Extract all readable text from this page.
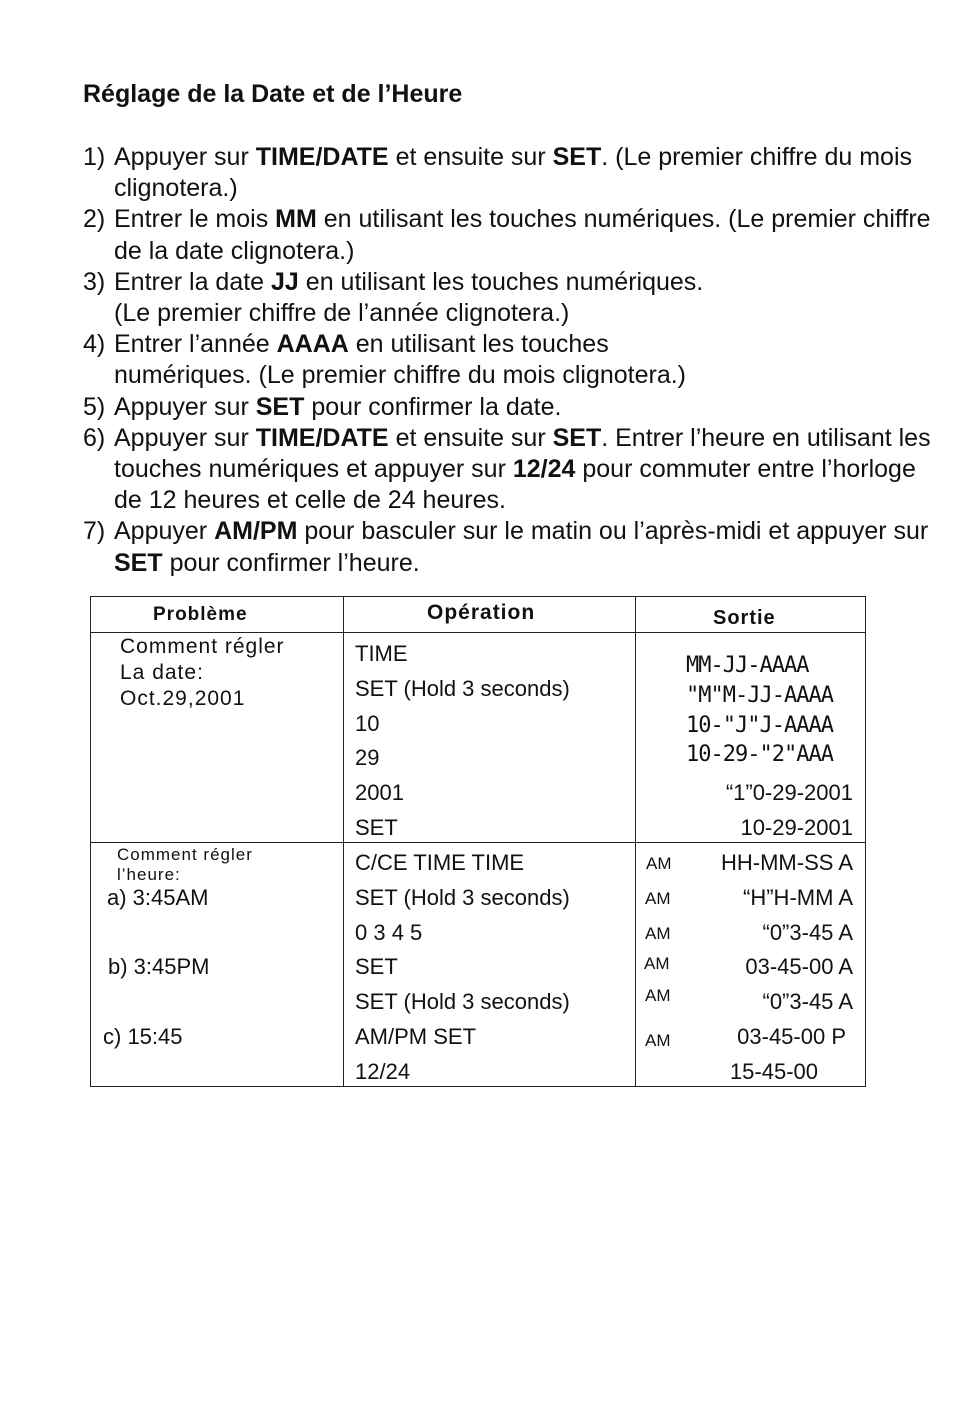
Réglage de la Date et de l’Heure
1) Appuyer sur TIME/DATE et ensuite sur SET. (Le premier chiffre du mois clignotera.)
2) Entrer le mois MM en utilisant les touches numériques. (Le premier chiffre de la date clignotera.)
3) Entrer la date JJ en utilisant les touches numériques.
(Le premier chiffre de l’année clignotera.)
4) Entrer l’année AAAA en utilisant les touches
numériques. (Le premier chiffre du mois clignotera.)
5) Appuyer sur SET pour confirmer la date.
6) Appuyer sur TIME/DATE et ensuite sur SET. Entrer l’heure en utilisant les touches numériques et appuyer sur 12/24 pour commuter entre l’horloge de 12 heures et celle de 24 heures.
7) Appuyer AM/PM pour basculer sur le matin ou l’après-midi et appuyer sur SET pour confirmer l’heure.
Problème	Opération	Sortie
Comment régler
La date:
Oct.29,2001
TIME
SET (Hold 3 seconds)
10
29
2001
SET
MM-JJ-AAAA
"M"M-JJ-AAAA
10-"J"J-AAAA
10-29-"2"AAA
“1”0-29-2001
10-29-2001
Comment régler
l’heure:
a) 3:45AM
b) 3:45PM
c) 15:45
C/CE TIME TIME
SET (Hold 3 seconds)
0 3 4 5
SET
SET (Hold 3 seconds)
AM/PM SET
12/24
AM
AM
AM
AM
AM
AM
HH-MM-SS A
“H”H-MM A
“0”3-45 A
03-45-00 A
“0”3-45 A
03-45-00 P
15-45-00
